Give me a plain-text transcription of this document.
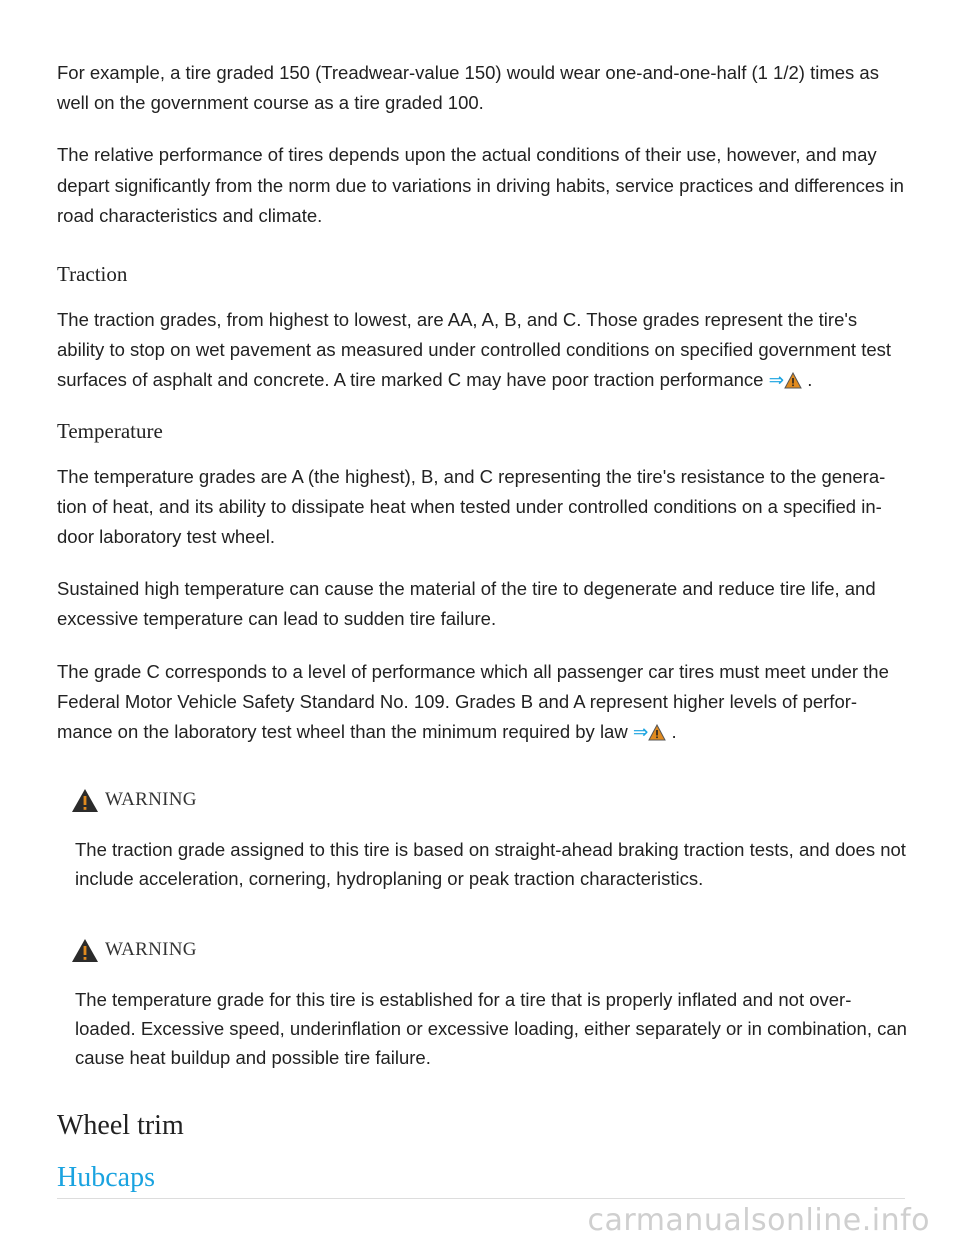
For example, a tire graded 150 (Treadwear-value 150) would wear one-and-one-half (1 1/2) times as well on the government course as a tire graded 100.

The relative performance of tires depends upon the actual conditions of their use, however, and may depart significantly from the norm due to variations in driving habits, service practices and differences in road characteristics and climate.

Traction

The traction grades, from highest to lowest, are AA, A, B, and C. Those grades represent the tire's ability to stop on wet pavement as measured under controlled conditions on specified government test surfaces of asphalt and concrete. A tire marked C may have poor traction performance ⇒ .

Temperature

The temperature grades are A (the highest), B, and C representing the tire's resistance to the genera-tion of heat, and its ability to dissipate heat when tested under controlled conditions on a specified in-door laboratory test wheel.

Sustained high temperature can cause the material of the tire to degenerate and reduce tire life, and excessive temperature can lead to sudden tire failure.

The grade C corresponds to a level of performance which all passenger car tires must meet under the Federal Motor Vehicle Safety Standard No. 109. Grades B and A represent higher levels of perfor-mance on the laboratory test wheel than the minimum required by law ⇒ .

WARNING

The traction grade assigned to this tire is based on straight-ahead braking traction tests, and does not include acceleration, cornering, hydroplaning or peak traction characteristics.

WARNING

The temperature grade for this tire is established for a tire that is properly inflated and not over-loaded. Excessive speed, underinflation or excessive loading, either separately or in combination, can cause heat buildup and possible tire failure.

Wheel trim
Hubcaps
carmanualsonline.info
